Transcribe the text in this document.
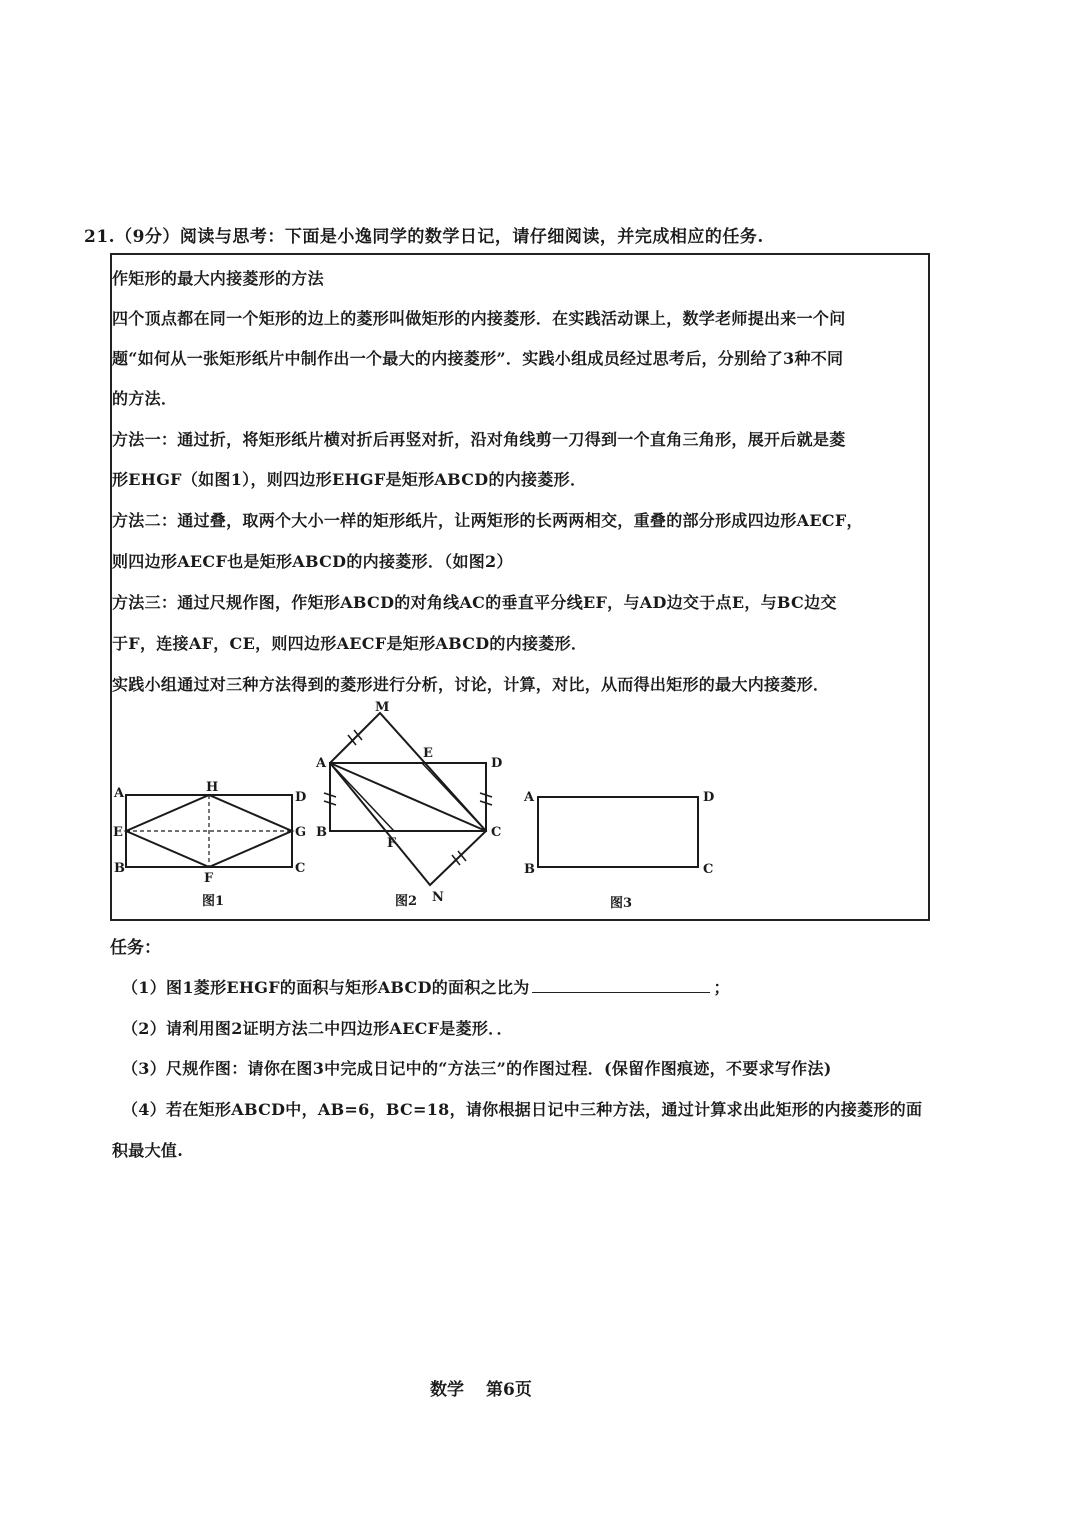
21.（9分）阅读与思考：下面是小逸同学的数学日记，请仔细阅读，并完成相应的任务.
作矩形的最大内接菱形的方法
四个顶点都在同一个矩形的边上的菱形叫做矩形的内接菱形．在实践活动课上，数学老师提出来一个问
题“如何从一张矩形纸片中制作出一个最大的内接菱形”．实践小组成员经过思考后，分别给了3种不同
的方法．
方法一：通过折，将矩形纸片横对折后再竖对折，沿对角线剪一刀得到一个直角三角形，展开后就是菱
形EHGF（如图1），则四边形EHGF是矩形ABCD的内接菱形．
方法二：通过叠，取两个大小一样的矩形纸片，让两矩形的长两两相交，重叠的部分形成四边形AECF，
则四边形AECF也是矩形ABCD的内接菱形．（如图2）
方法三：通过尺规作图，作矩形ABCD的对角线AC的垂直平分线EF，与AD边交于点E，与BC边交
于F，连接AF，CE，则四边形AECF是矩形ABCD的内接菱形．
实践小组通过对三种方法得到的菱形进行分析，讨论，计算，对比，从而得出矩形的最大内接菱形．
A	H
D
E	G
B
F
C
图1
M
A
E
D
B
F
C
N
图2
A	D
B	C
图3
任务：
（1）图1菱形EHGF的面积与矩形ABCD的面积之比为	；
（2）请利用图2证明方法二中四边形AECF是菱形．．
（3）尺规作图：请你在图3中完成日记中的“方法三”的作图过程．(保留作图痕迹，不要求写作法)
（4）若在矩形ABCD中，AB=6，BC=18，请你根据日记中三种方法，通过计算求出此矩形的内接菱形的面
积最大值.
数学 第6页
